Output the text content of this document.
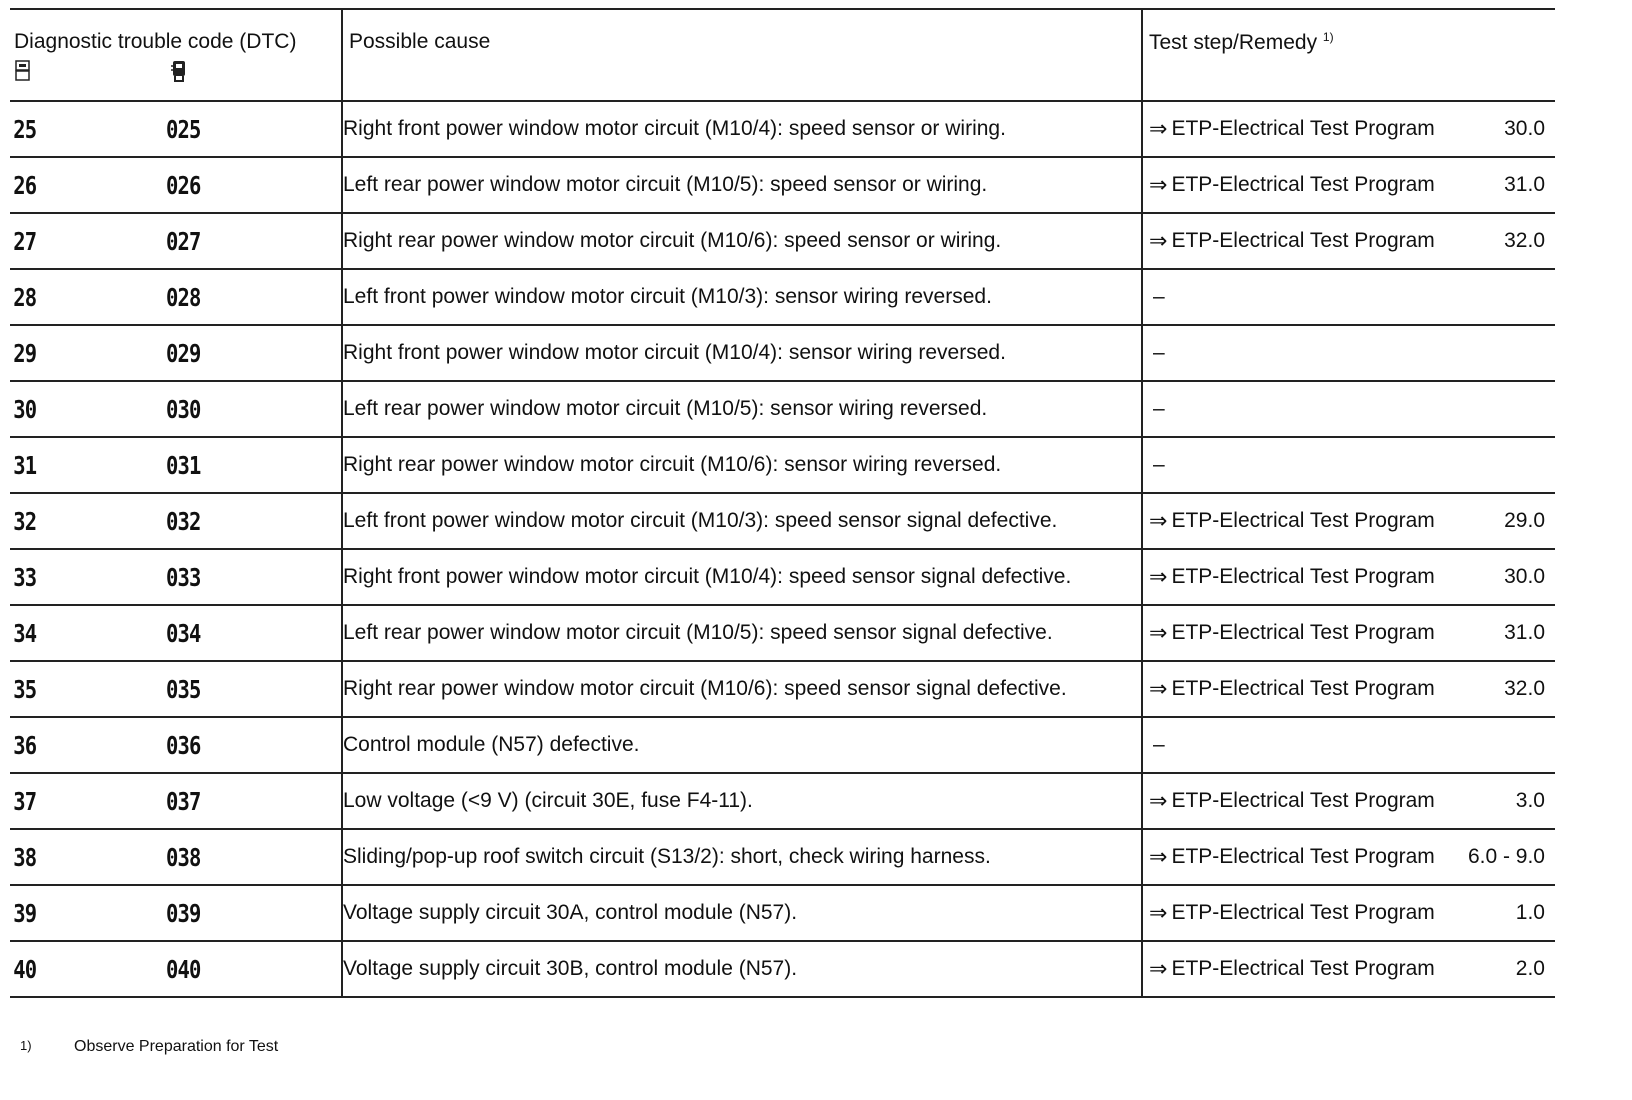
Diagnostic trouble code (DTC)	Possible cause	Test step/Remedy $^{1)}$

25 025	Right front power window motor circuit (M10/4): speed sensor or wiring.	⇒ ETP-Electrical Test Program 30.0

26 026	Left rear power window motor circuit (M10/5): speed sensor or wiring.	⇒ ETP-Electrical Test Program 31.0

27 027	Right rear power window motor circuit (M10/6): speed sensor or wiring.	⇒ ETP-Electrical Test Program 32.0

28 028	Left front power window motor circuit (M10/3): sensor wiring reversed.	–

29 029	Right front power window motor circuit (M10/4): sensor wiring reversed.	–

30 030	Left rear power window motor circuit (M10/5): sensor wiring reversed.	–

31 031	Right rear power window motor circuit (M10/6): sensor wiring reversed.	–

32 032	Left front power window motor circuit (M10/3): speed sensor signal defective.	⇒ ETP-Electrical Test Program 29.0

33 033	Right front power window motor circuit (M10/4): speed sensor signal defective.	⇒ ETP-Electrical Test Program 30.0

34 034	Left rear power window motor circuit (M10/5): speed sensor signal defective.	⇒ ETP-Electrical Test Program 31.0

35 035	Right rear power window motor circuit (M10/6): speed sensor signal defective.	⇒ ETP-Electrical Test Program 32.0

36 036	Control module (N57) defective.	–

37 037	Low voltage (<9 V) (circuit 30E, fuse F4-11).	⇒ ETP-Electrical Test Program 3.0

38 038	Sliding/pop-up roof switch circuit (S13/2): short, check wiring harness.	⇒ ETP-Electrical Test Program 6.0 - 9.0

39 039	Voltage supply circuit 30A, control module (N57).	⇒ ETP-Electrical Test Program 1.0

40 040	Voltage supply circuit 30B, control module (N57).	⇒ ETP-Electrical Test Program 2.0
1)	Observe Preparation for Test
